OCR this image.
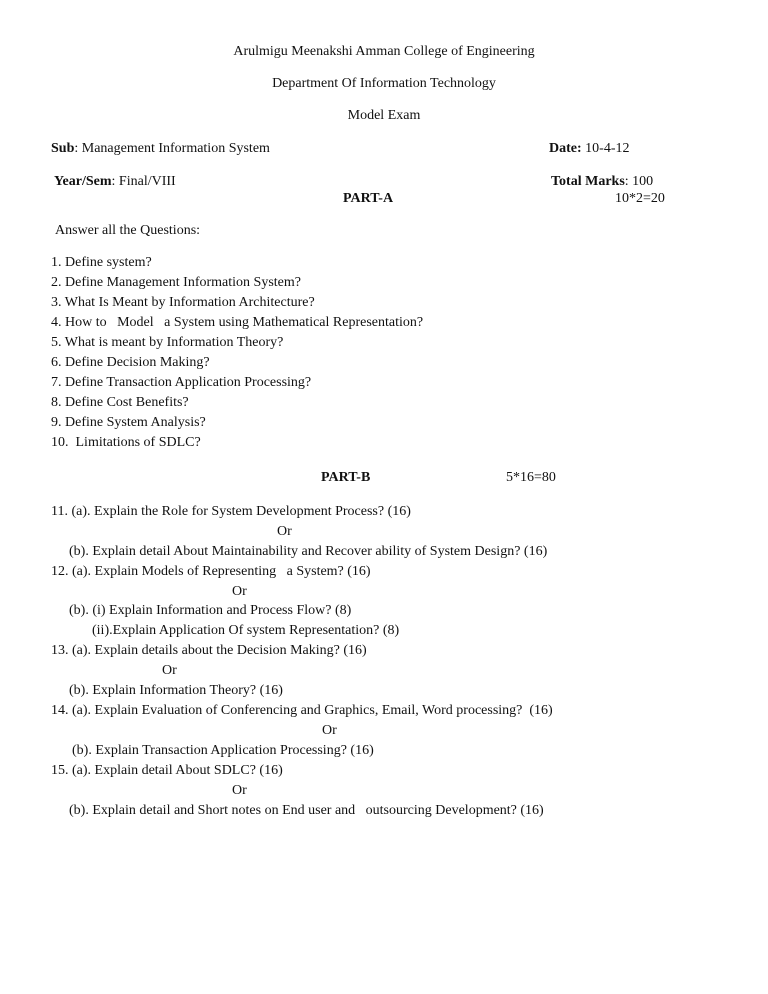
Arulmigu Meenakshi Amman College of Engineering
Department Of Information Technology
Model Exam
Sub: Management Information System	Date: 10-4-12
Year/Sem: Final/VIII	Total Marks: 100
PART-A	10*2=20
Answer all the Questions:
1. Define system?
2. Define Management Information System?
3. What Is Meant by Information Architecture?
4. How to   Model   a System using Mathematical Representation?
5. What is meant by Information Theory?
6. Define Decision Making?
7. Define Transaction Application Processing?
8. Define Cost Benefits?
9. Define System Analysis?
10.  Limitations of SDLC?
PART-B	5*16=80
11. (a). Explain the Role for System Development Process? (16)
Or
(b). Explain detail About Maintainability and Recover ability of System Design? (16)
12. (a). Explain Models of Representing   a System? (16)
Or
(b). (i) Explain Information and Process Flow? (8)
(ii).Explain Application Of system Representation? (8)
13. (a). Explain details about the Decision Making? (16)
Or
(b). Explain Information Theory? (16)
14. (a). Explain Evaluation of Conferencing and Graphics, Email, Word processing?  (16)
Or
(b). Explain Transaction Application Processing? (16)
15. (a). Explain detail About SDLC? (16)
Or
(b). Explain detail and Short notes on End user and   outsourcing Development? (16)
